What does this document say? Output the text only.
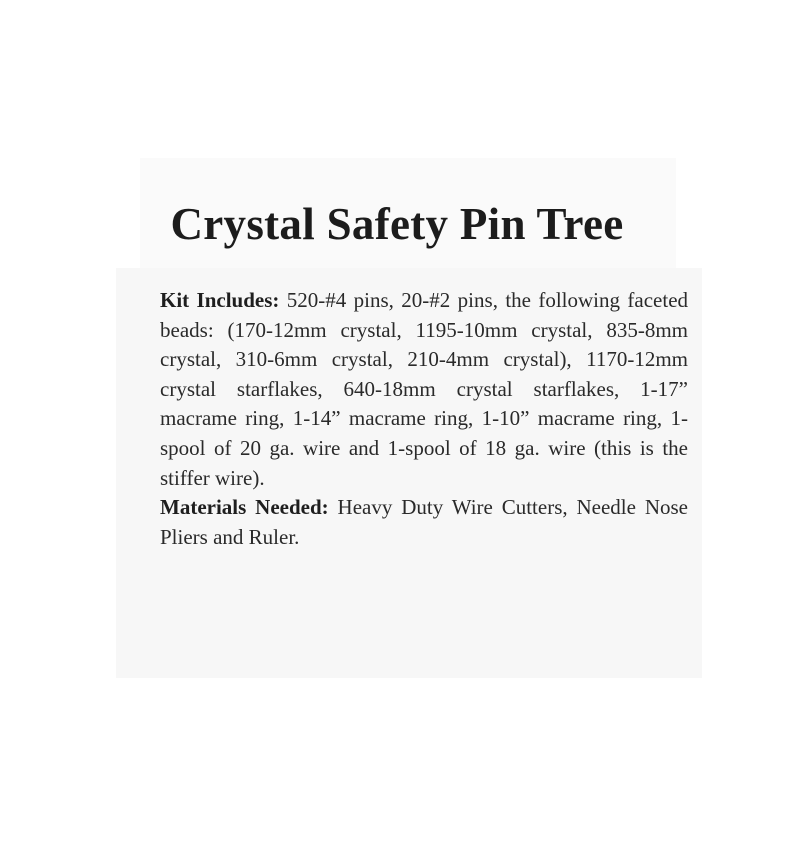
Crystal Safety Pin Tree
Kit Includes: 520-#4 pins, 20-#2 pins, the following faceted beads: (170-12mm crystal, 1195-10mm crystal, 835-8mm crystal, 310-6mm crystal, 210-4mm crystal), 1170-12mm crystal starflakes, 640-18mm crystal starflakes, 1-17” macrame ring, 1-14” macrame ring, 1-10” macrame ring, 1-spool of 20 ga. wire and 1-spool of 18 ga. wire (this is the stiffer wire).
Materials Needed: Heavy Duty Wire Cutters, Needle Nose Pliers and Ruler.
